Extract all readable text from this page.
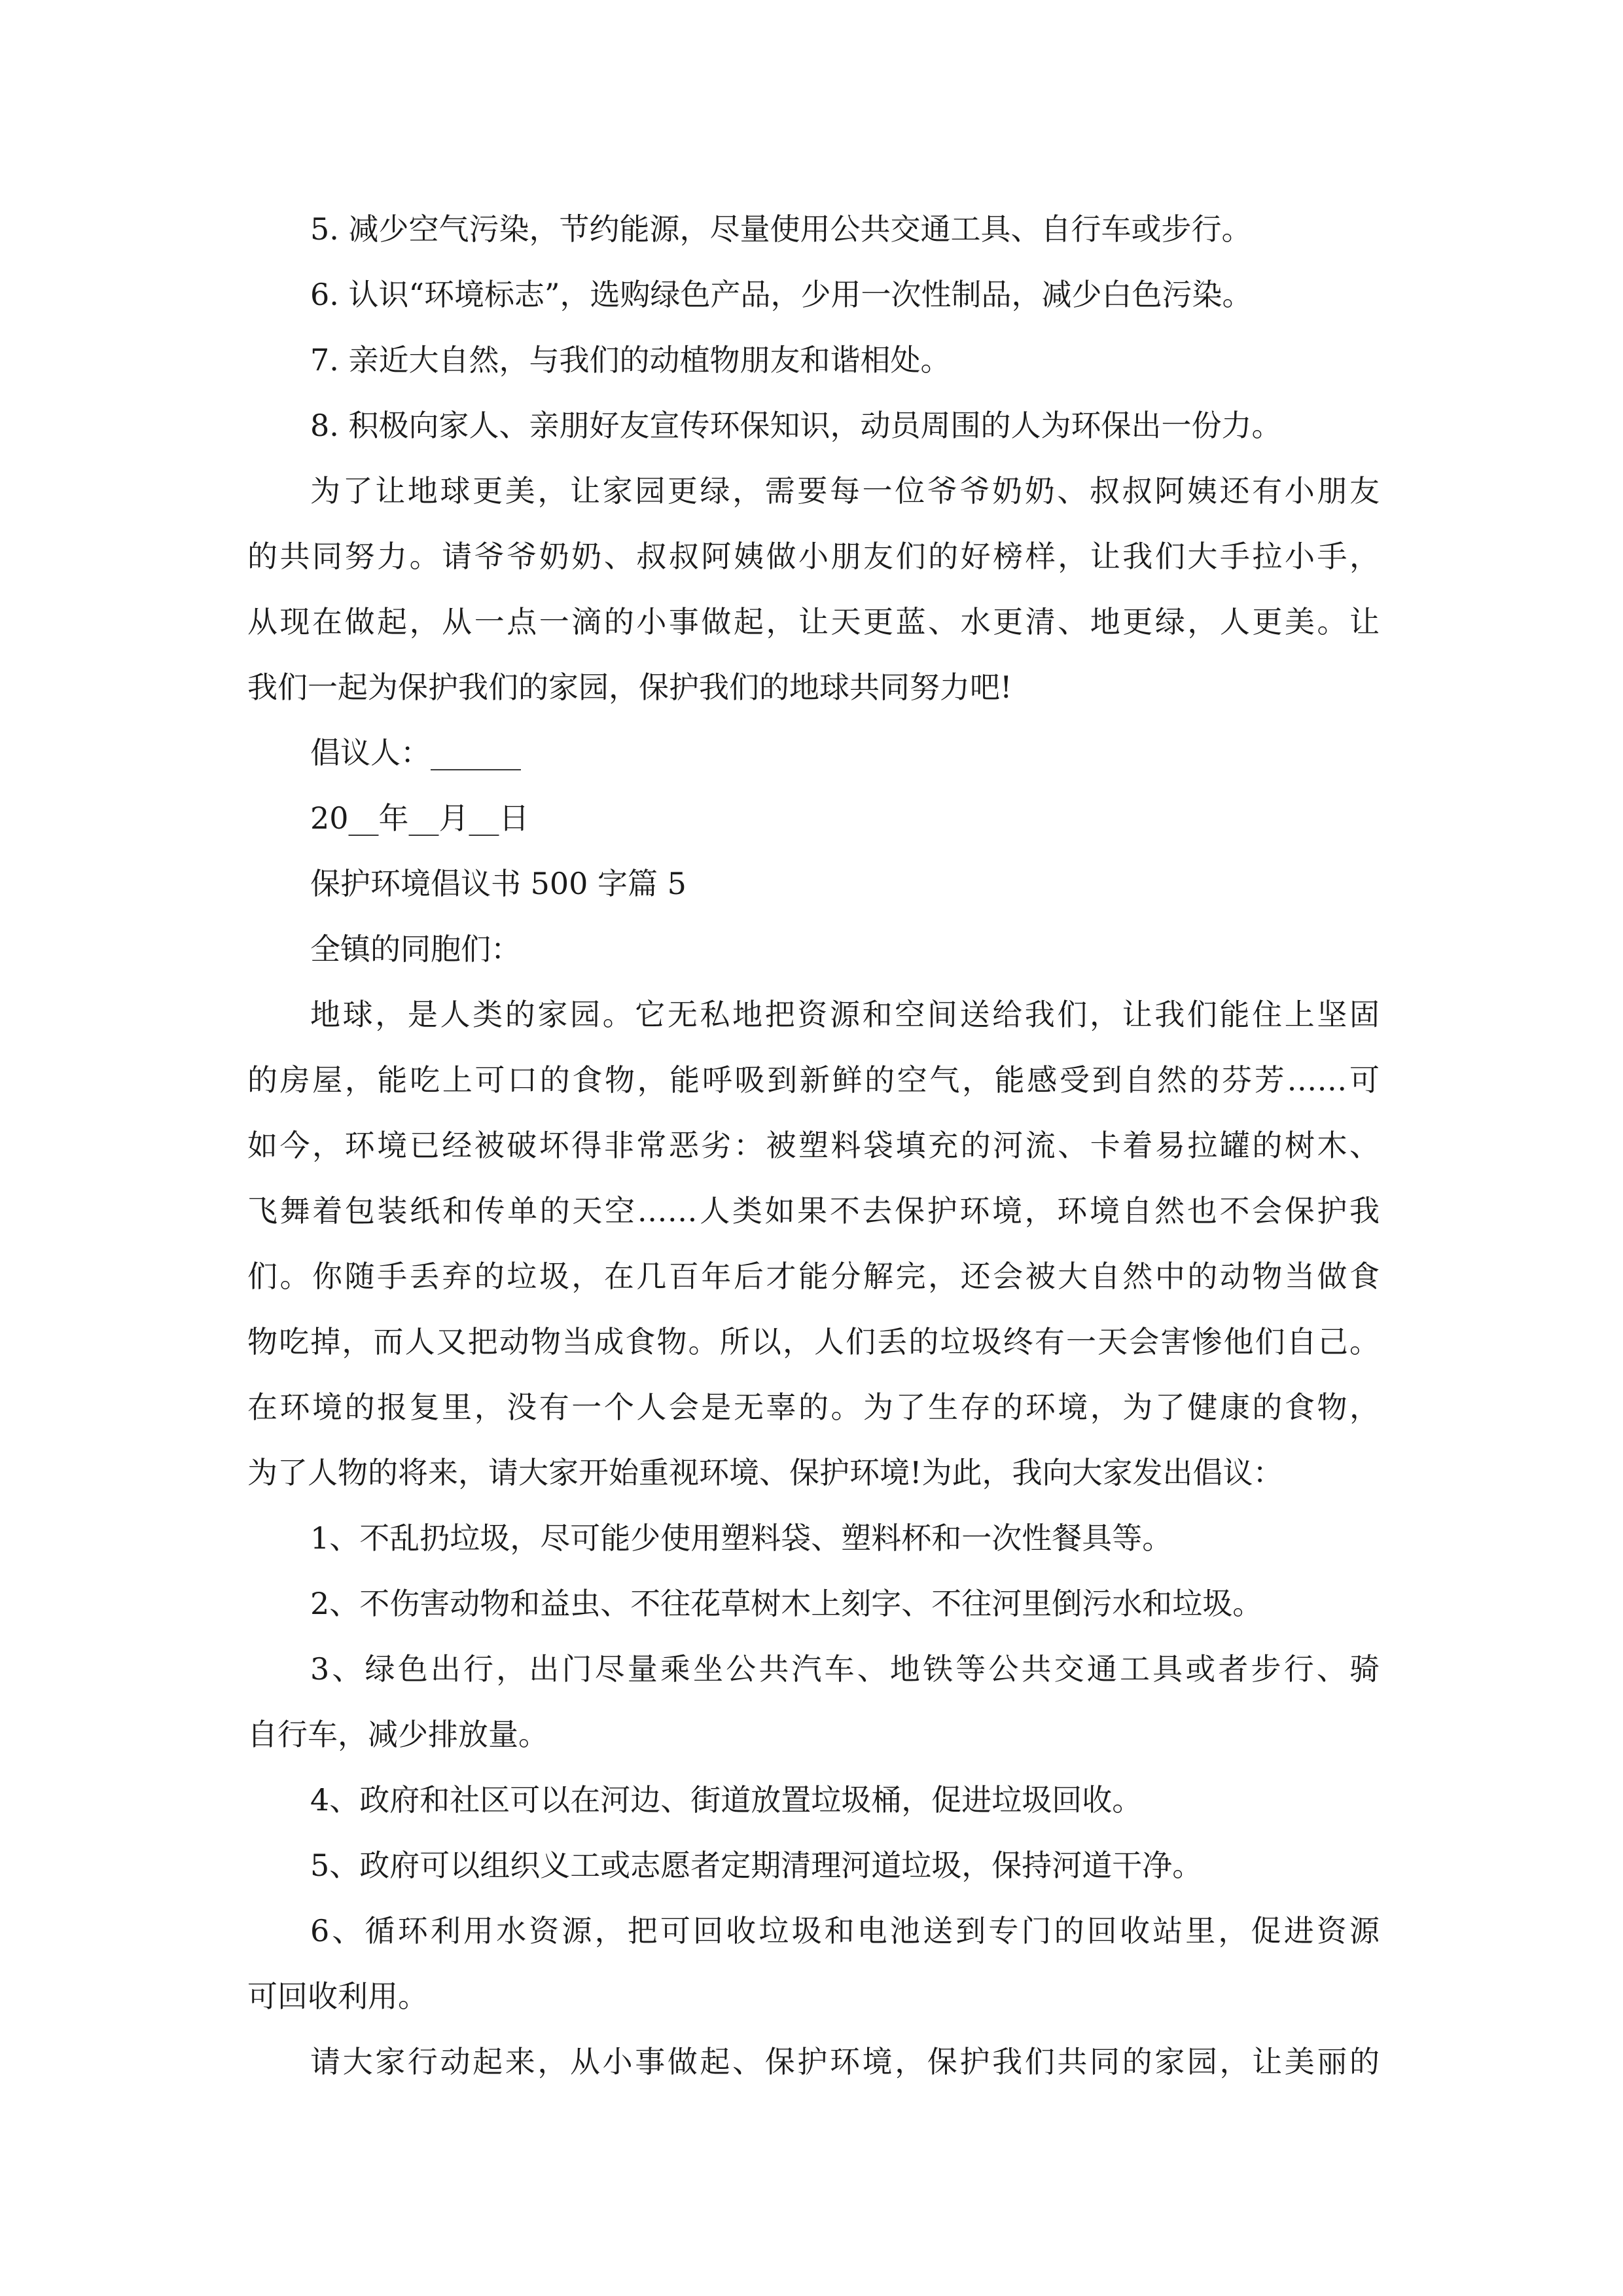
5. 减少空气污染，节约能源，尽量使用公共交通工具、自行车或步行。
6. 认识“环境标志”，选购绿色产品，少用一次性制品，减少白色污染。
7. 亲近大自然，与我们的动植物朋友和谐相处。
8. 积极向家人、亲朋好友宣传环保知识，动员周围的人为环保出一份力。
为了让地球更美，让家园更绿，需要每一位爷爷奶奶、叔叔阿姨还有小朋友
的共同努力。请爷爷奶奶、叔叔阿姨做小朋友们的好榜样，让我们大手拉小手，
从现在做起，从一点一滴的小事做起，让天更蓝、水更清、地更绿，人更美。让
我们一起为保护我们的家园，保护我们的地球共同努力吧!
倡议人：______
20__年__月__日
保护环境倡议书 500 字篇 5
全镇的同胞们：
地球，是人类的家园。它无私地把资源和空间送给我们，让我们能住上坚固
的房屋，能吃上可口的食物，能呼吸到新鲜的空气，能感受到自然的芬芳……可
如今，环境已经被破坏得非常恶劣：被塑料袋填充的河流、卡着易拉罐的树木、
飞舞着包装纸和传单的天空……人类如果不去保护环境，环境自然也不会保护我
们。你随手丢弃的垃圾，在几百年后才能分解完，还会被大自然中的动物当做食
物吃掉，而人又把动物当成食物。所以，人们丢的垃圾终有一天会害惨他们自己。
在环境的报复里，没有一个人会是无辜的。为了生存的环境，为了健康的食物，
为了人物的将来，请大家开始重视环境、保护环境!为此，我向大家发出倡议：
1、不乱扔垃圾，尽可能少使用塑料袋、塑料杯和一次性餐具等。
2、不伤害动物和益虫、不往花草树木上刻字、不往河里倒污水和垃圾。
3、绿色出行，出门尽量乘坐公共汽车、地铁等公共交通工具或者步行、骑
自行车，减少排放量。
4、政府和社区可以在河边、街道放置垃圾桶，促进垃圾回收。
5、政府可以组织义工或志愿者定期清理河道垃圾，保持河道干净。
6、循环利用水资源，把可回收垃圾和电池送到专门的回收站里，促进资源
可回收利用。
请大家行动起来，从小事做起、保护环境，保护我们共同的家园，让美丽的
